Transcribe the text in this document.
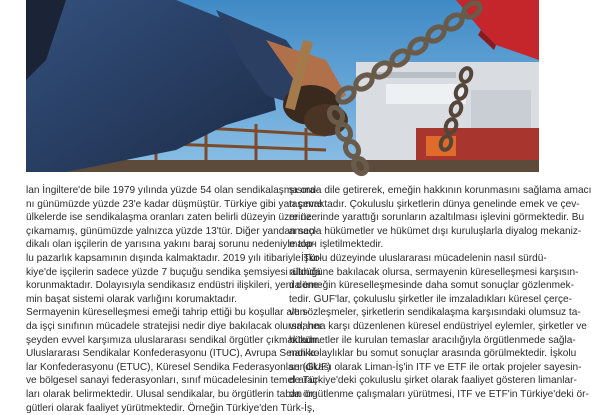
lan İngiltere'de bile 1979 yılında yüzde 54 olan sendikalaşma ora-
nı günümüzde yüzde 23'e kadar düşmüştür. Türkiye gibi yarı çevre
ülkelerde ise sendikalaşma oranları zaten belirli düzeyin üzerine
çıkamamış, günümüzde yalnızca yüzde 13'tür. Diğer yandan sen-
dikalı olan işçilerin de yarısına yakını baraj sorunu nedeniyle top-
lu pazarlık kapsamının dışında kalmaktadır. 2019 yılı itibariyle Tür-
kiye'de işçilerin sadece yüzde 7 buçuğu sendika şemsiyesi altında
korunmaktadır. Dolayısıyla sendikasız endüstri ilişkileri, yeni döne-
min başat sistemi olarak varlığını korumaktadır.
Sermayenin küreselleşmesi emeği tahrip ettiği bu koşullar altın-
da işçi sınıfının mücadele stratejisi nedir diye bakılacak olursa; her
şeyden evvel karşımıza uluslararası sendikal örgütler çıkmaktadır.
Uluslararası Sendikalar Konfederasyonu (ITUC), Avrupa Sendika-
lar Konfederasyonu (ETUC), Küresel Sendika Federasyonları (GUF)
ve bölgesel sanayi federasyonları, sınıf mücadelesinin temel araç-
ları olarak belirmektedir. Ulusal sendikalar, bu örgütlerin taban ör-
gütleri olarak faaliyet yürütmektedir. Örneğin Türkiye'den Türk-İş,
şısında dile getirerek, emeğin hakkının korunmasını sağlama amacı
taşımaktadır. Çokuluslu şirketlerin dünya genelinde emek ve çev-
re üzerinde yarattığı sorunların azaltılması işlevini görmektedir. Bu
amaçla hükümetler ve hükümet dışı kuruluşlarla diyalog mekaniz-
maları işletilmektedir.
İşkolu düzeyinde uluslararası mücadelenin nasıl sürdü-
rüldüğüne bakılacak olursa, sermayenin küreselleşmesi karşısın-
da emeğin küreselleşmesinde daha somut sonuçlar gözlenmek-
tedir. GUF'lar, çokuluslu şirketler ile imzaladıkları küresel çerçe-
ve sözleşmeler, şirketlerin sendikalaşma karşısındaki olumsuz ta-
vırlarına karşı düzenlenen küresel endüstriyel eylemler, şirketler ve
hükümetler ile kurulan temaslar aracılığıyla örgütlenmede sağla-
nan kolaylıklar bu somut sonuçlar arasında görülmektedir. İşkolu
sendikası olarak Liman-İş'in ITF ve ETF ile ortak projeler sayesin-
de Türkiye'deki çokuluslu şirket olarak faaliyet gösteren limanlar-
da örgütlenme çalışmaları yürütmesi, ITF ve ETF'in Türkiye'deki ör-
